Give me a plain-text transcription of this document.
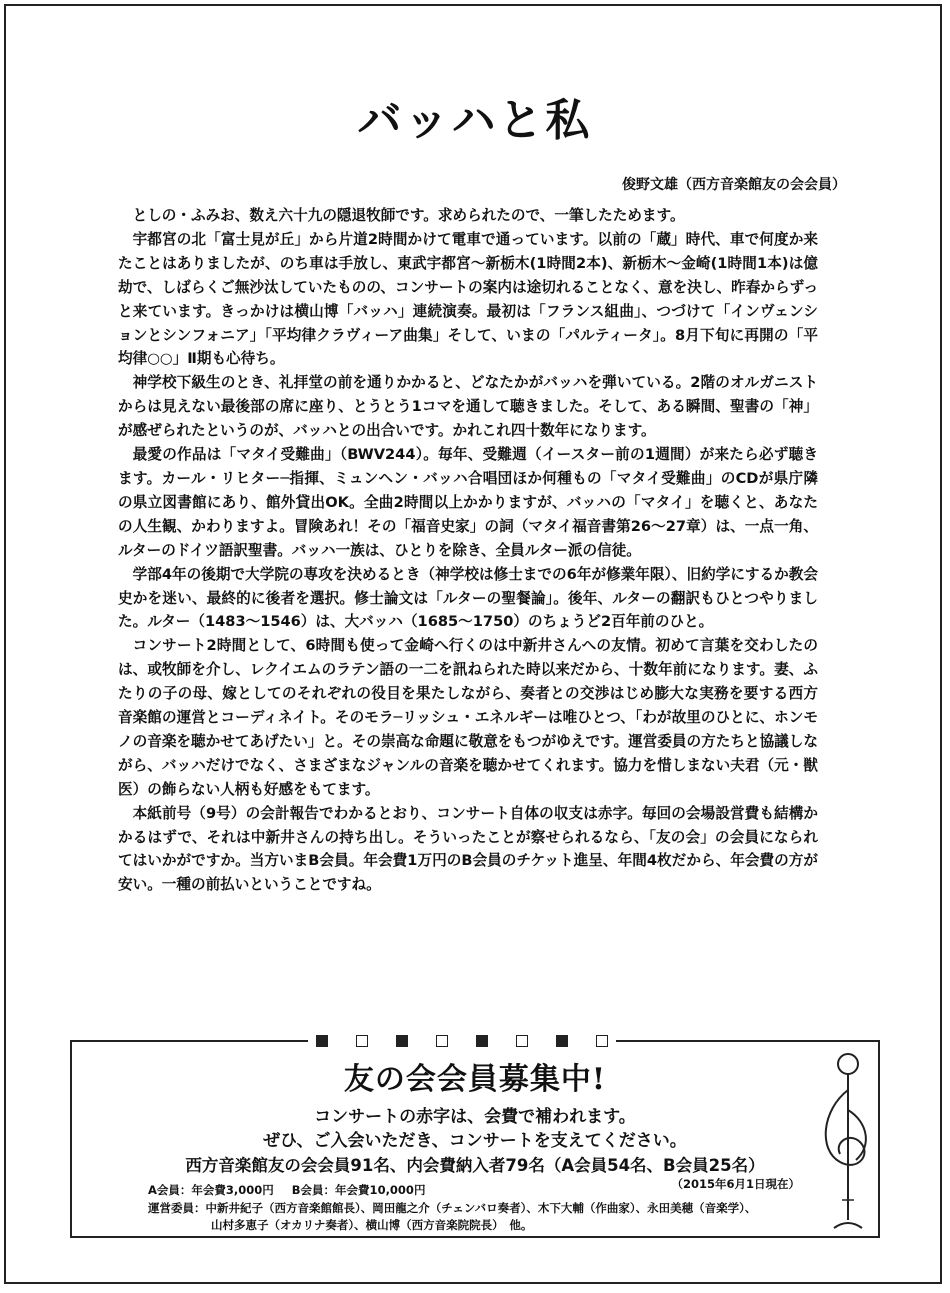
バッハと私
俊野文雄（西方音楽館友の会会員）

としの・ふみお、数え六十九の隠退牧師です。求められたので、一筆したためます。

宇都宮の北「富士見が丘」から片道2時間かけて電車で通っています。以前の「蔵」時代、車で何度か来たことはありましたが、のち車は手放し、東武宇都宮～新栃木(1時間2本)、新栃木～金崎(1時間1本)は億劫で、しばらくご無沙汰していたものの、コンサートの案内は途切れることなく、意を決し、昨春からずっと来ています。きっかけは横山博「バッハ」連続演奏。最初は「フランス組曲」、つづけて「インヴェンションとシンフォニア」「平均律クラヴィーア曲集」そして、いまの「パルティータ」。8月下旬に再開の「平均律○○」Ⅱ期も心待ち。

神学校下級生のとき、礼拝堂の前を通りかかると、どなたかがバッハを弾いている。2階のオルガニストからは見えない最後部の席に座り、とうとう1コマを通して聴きました。そして、ある瞬間、聖書の「神」が感ぜられたというのが、バッハとの出合いです。かれこれ四十数年になります。

最愛の作品は「マタイ受難曲」（BWV244）。毎年、受難週（イースター前の1週間）が来たら必ず聴きます。カール・リヒター─指揮、ミュンヘン・バッハ合唱団ほか何種もの「マタイ受難曲」のCDが県庁隣の県立図書館にあり、館外貸出OK。全曲2時間以上かかりますが、バッハの「マタイ」を聴くと、あなたの人生観、かわりますよ。冒険あれ！その「福音史家」の詞（マタイ福音書第26～27章）は、一点一角、ルターのドイツ語訳聖書。バッハ一族は、ひとりを除き、全員ルター派の信徒。

学部4年の後期で大学院の専攻を決めるとき（神学校は修士までの6年が修業年限）、旧約学にするか教会史かを迷い、最終的に後者を選択。修士論文は「ルターの聖餐論」。後年、ルターの翻訳もひとつやりました。ルター（1483～1546）は、大バッハ（1685～1750）のちょうど2百年前のひと。

コンサート2時間として、6時間も使って金崎へ行くのは中新井さんへの友情。初めて言葉を交わしたのは、或牧師を介し、レクイエムのラテン語の一二を訊ねられた時以来だから、十数年前になります。妻、ふたりの子の母、嫁としてのそれぞれの役目を果たしながら、奏者との交渉はじめ膨大な実務を要する西方音楽館の運営とコーディネイト。そのモラ─リッシュ・エネルギーは唯ひとつ、「わが故里のひとに、ホンモノの音楽を聴かせてあげたい」と。その崇高な命題に敬意をもつがゆえです。運営委員の方たちと協議しながら、バッハだけでなく、さまざまなジャンルの音楽を聴かせてくれます。協力を惜しまない夫君（元・獣医）の飾らない人柄も好感をもてます。

本紙前号（9号）の会計報告でわかるとおり、コンサート自体の収支は赤字。毎回の会場設営費も結構かかるはずで、それは中新井さんの持ち出し。そういったことが察せられるなら、「友の会」の会員になられてはいかがですか。当方いまB会員。年会費1万円のB会員のチケット進呈、年間4枚だから、年会費の方が安い。一種の前払いということですね。

友の会会員募集中!
コンサートの赤字は、会費で補われます。
ぜひ、ご入会いただき、コンサートを支えてください。
西方音楽館友の会会員91名、内会費納入者79名（A会員54名、B会員25名）
（2015年6月1日現在）
A会員：年会費3,000円 B会員：年会費10,000円
運営委員：中新井紀子（西方音楽館館長）、岡田龍之介（チェンバロ奏者）、木下大輔（作曲家）、永田美穂（音楽学）、
山村多恵子（オカリナ奏者）、横山博（西方音楽院院長）　他。
